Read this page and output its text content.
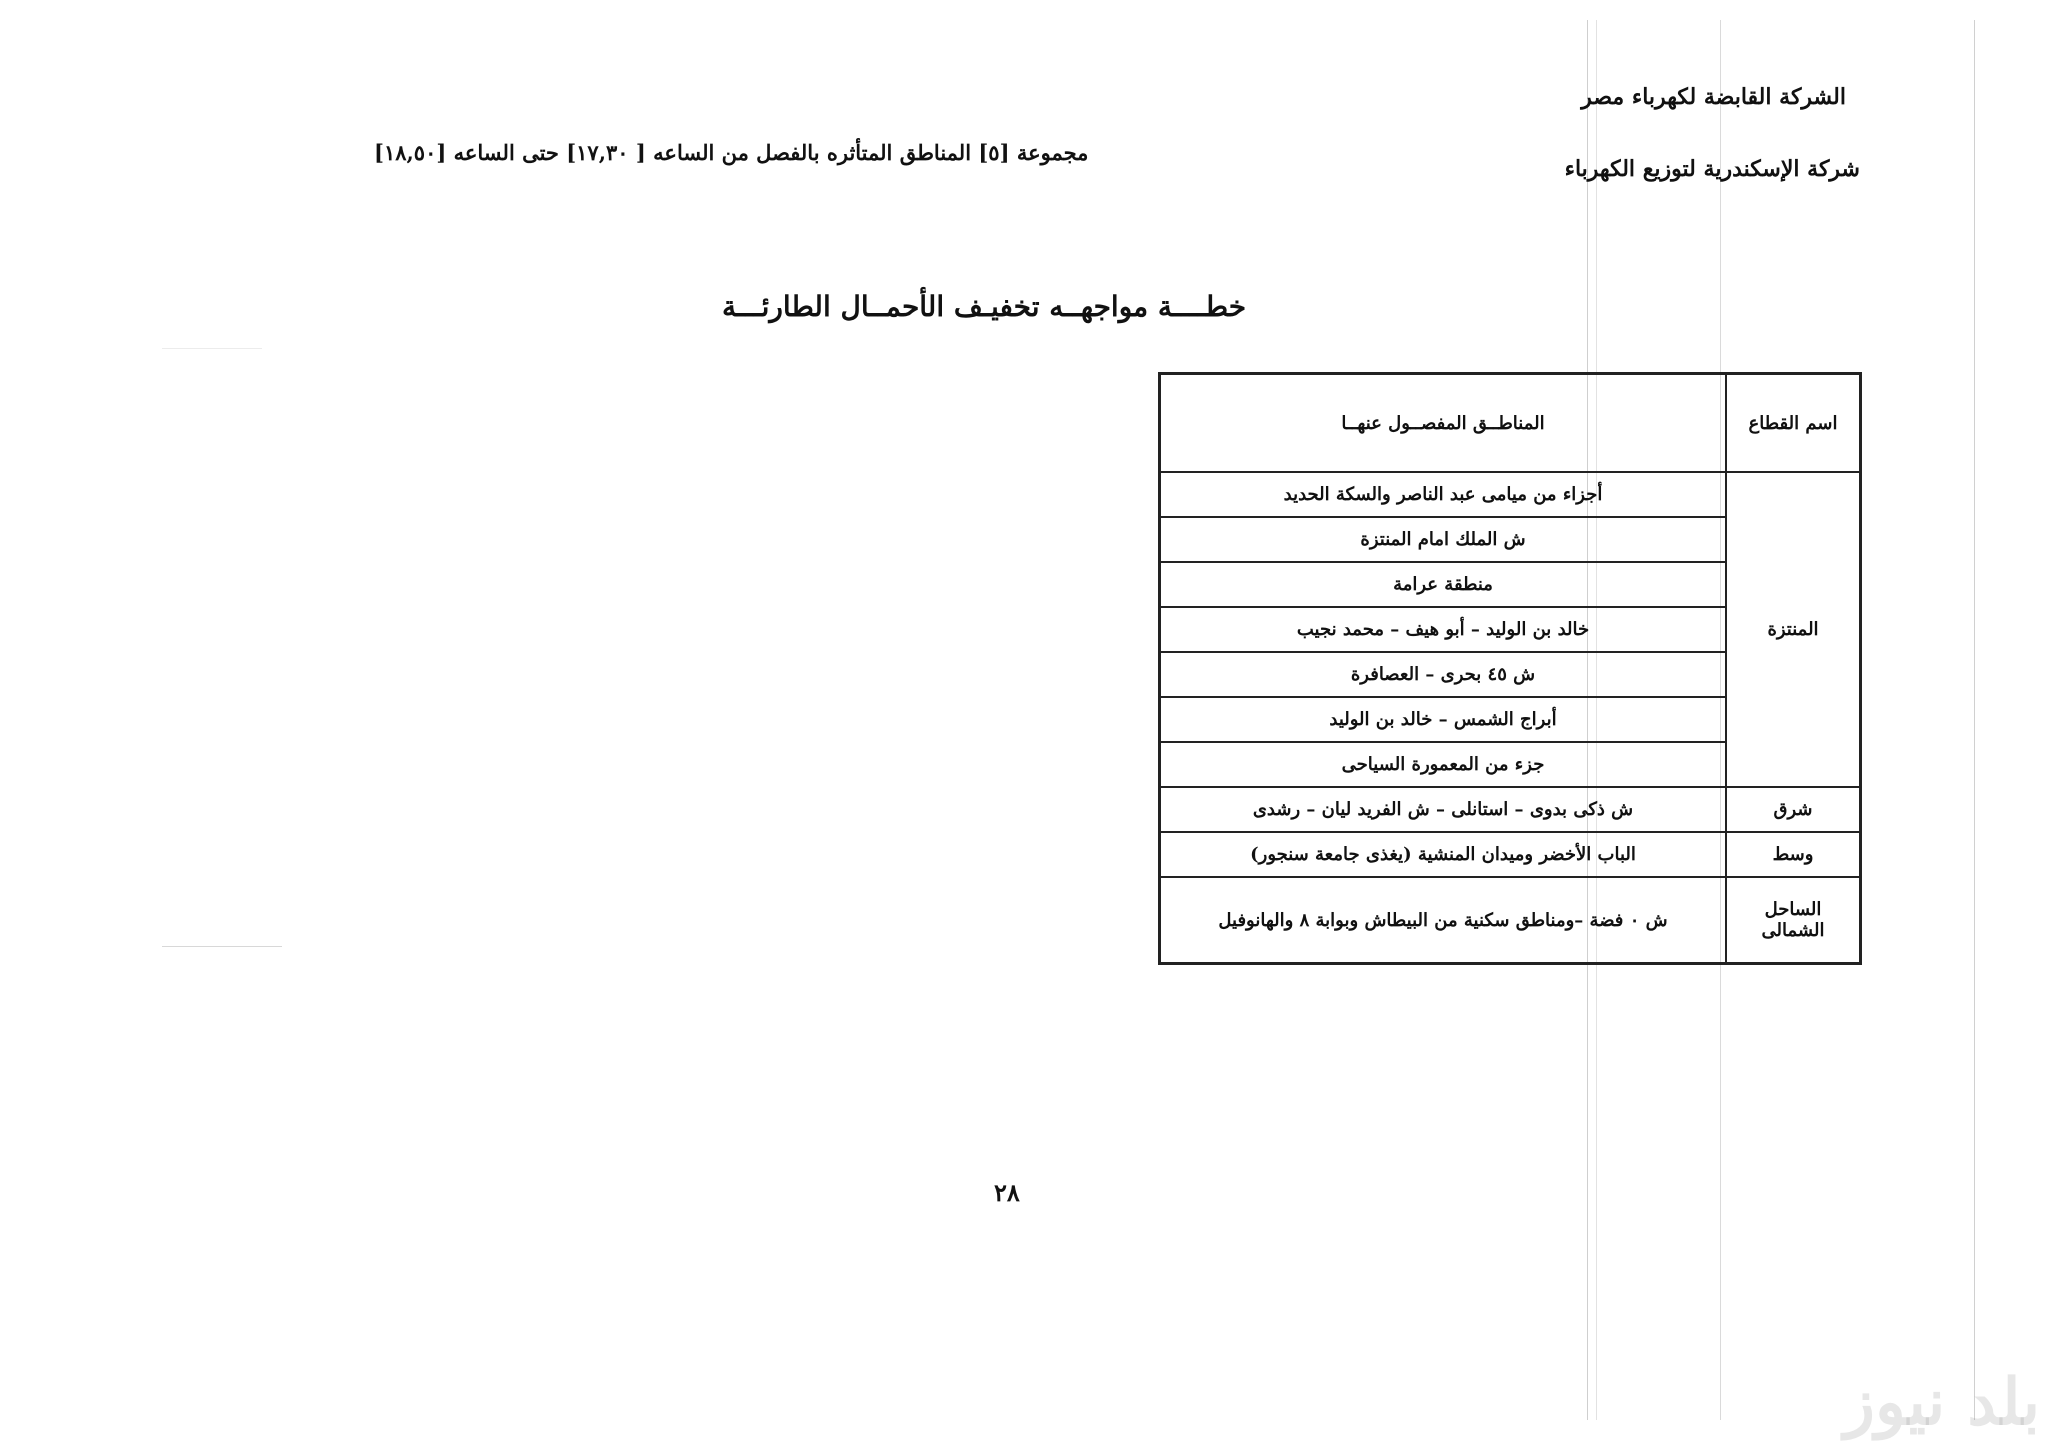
الشركة القابضة لكهرباء مصر
شركة الإسكندرية لتوزيع الكهرباء
مجموعة [٥] المناطق المتأثره بالفصل من الساعه [ ١٧,٣٠] حتى الساعه [١٨,٥٠]
خطــــة مواجهــه تخفيـف الأحمــال الطارئـــة
اسم القطاع	المناطــق المفصــول عنهــا
المنتزة	أجزاء من ميامى عبد الناصر والسكة الحديد
	ش الملك امام المنتزة
	منطقة عرامة
	خالد بن الوليد – أبو هيف – محمد نجيب
	ش ٤٥ بحرى – العصافرة
	أبراج الشمس – خالد بن الوليد
	جزء من المعمورة السياحى
شرق	ش ذكى بدوى – استانلى – ش الفريد ليان – رشدى
وسط	الباب الأخضر وميدان المنشية (يغذى جامعة سنجور)
الساحل الشمالى	ش ٠ فضة –ومناطق سكنية من البيطاش وبوابة ٨ والهانوفيل
٢٨
بلد نيوز
